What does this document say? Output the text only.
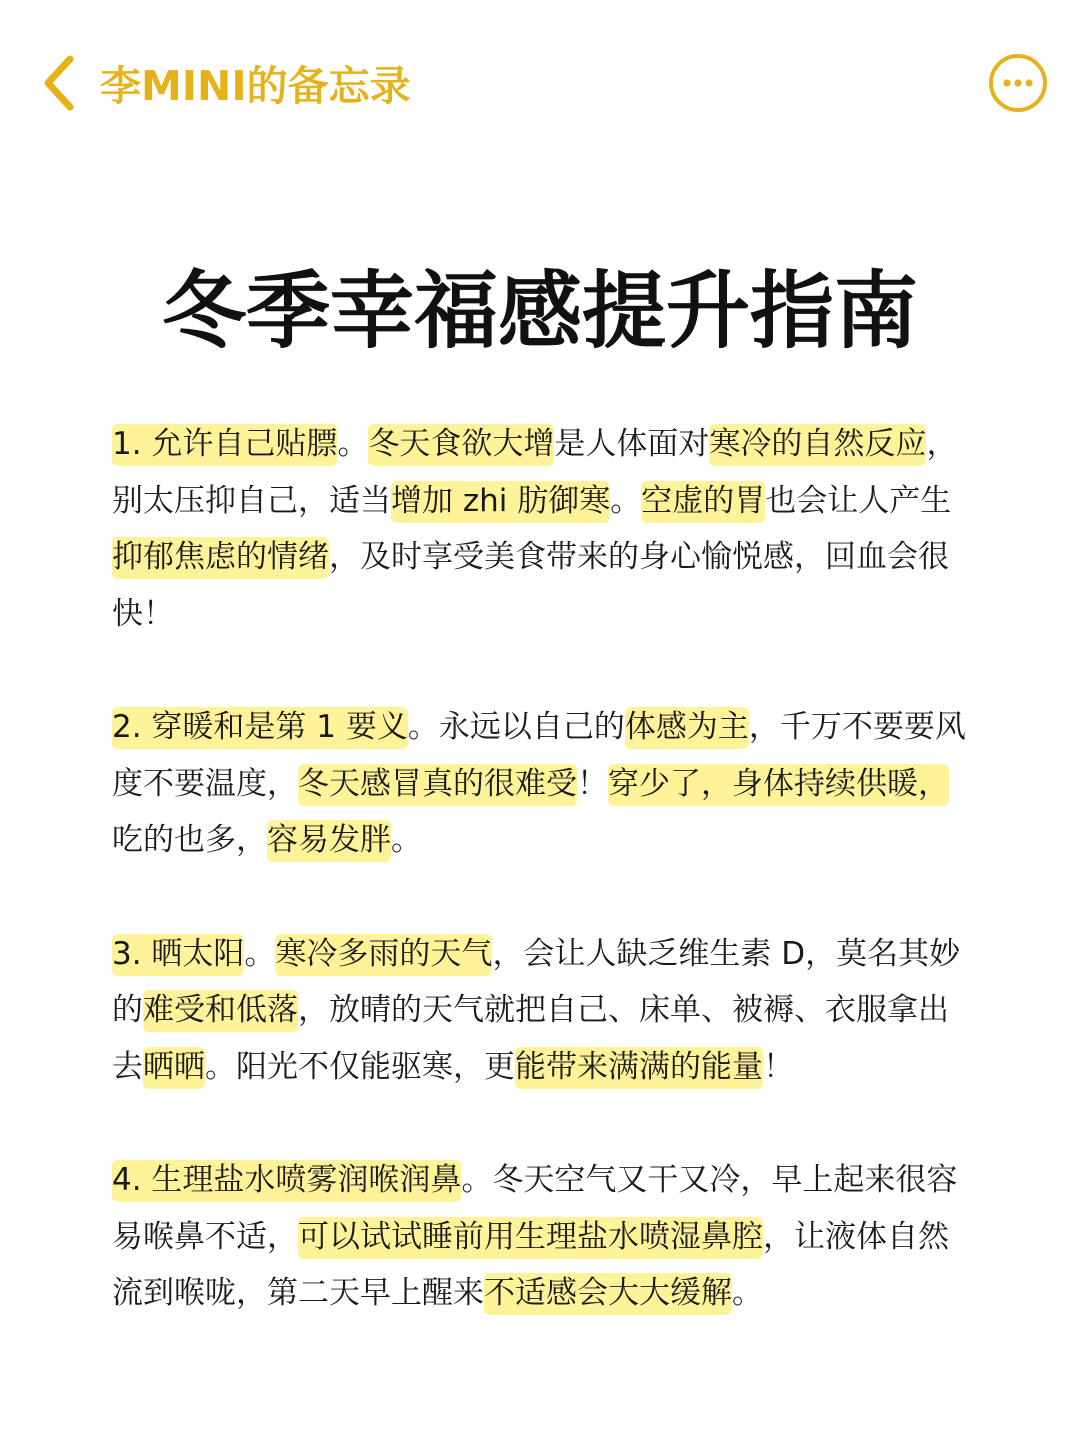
李MINI的备忘录
冬季幸福感提升指南

1. 允许自己贴膘。冬天食欲大增是人体面对寒冷的自然反应，别太压抑自己，适当增加 zhi 肪御寒。空虚的胃也会让人产生抑郁焦虑的情绪，及时享受美食带来的身心愉悦感，回血会很快！

2. 穿暖和是第 1 要义。永远以自己的体感为主，千万不要要风度不要温度，冬天感冒真的很难受！穿少了，身体持续供暖，吃的也多，容易发胖。

3. 晒太阳。寒冷多雨的天气，会让人缺乏维生素 D，莫名其妙的难受和低落，放晴的天气就把自己、床单、被褥、衣服拿出去晒晒。阳光不仅能驱寒，更能带来满满的能量！

4. 生理盐水喷雾润喉润鼻。冬天空气又干又冷，早上起来很容易喉鼻不适，可以试试睡前用生理盐水喷湿鼻腔，让液体自然流到喉咙，第二天早上醒来不适感会大大缓解。
